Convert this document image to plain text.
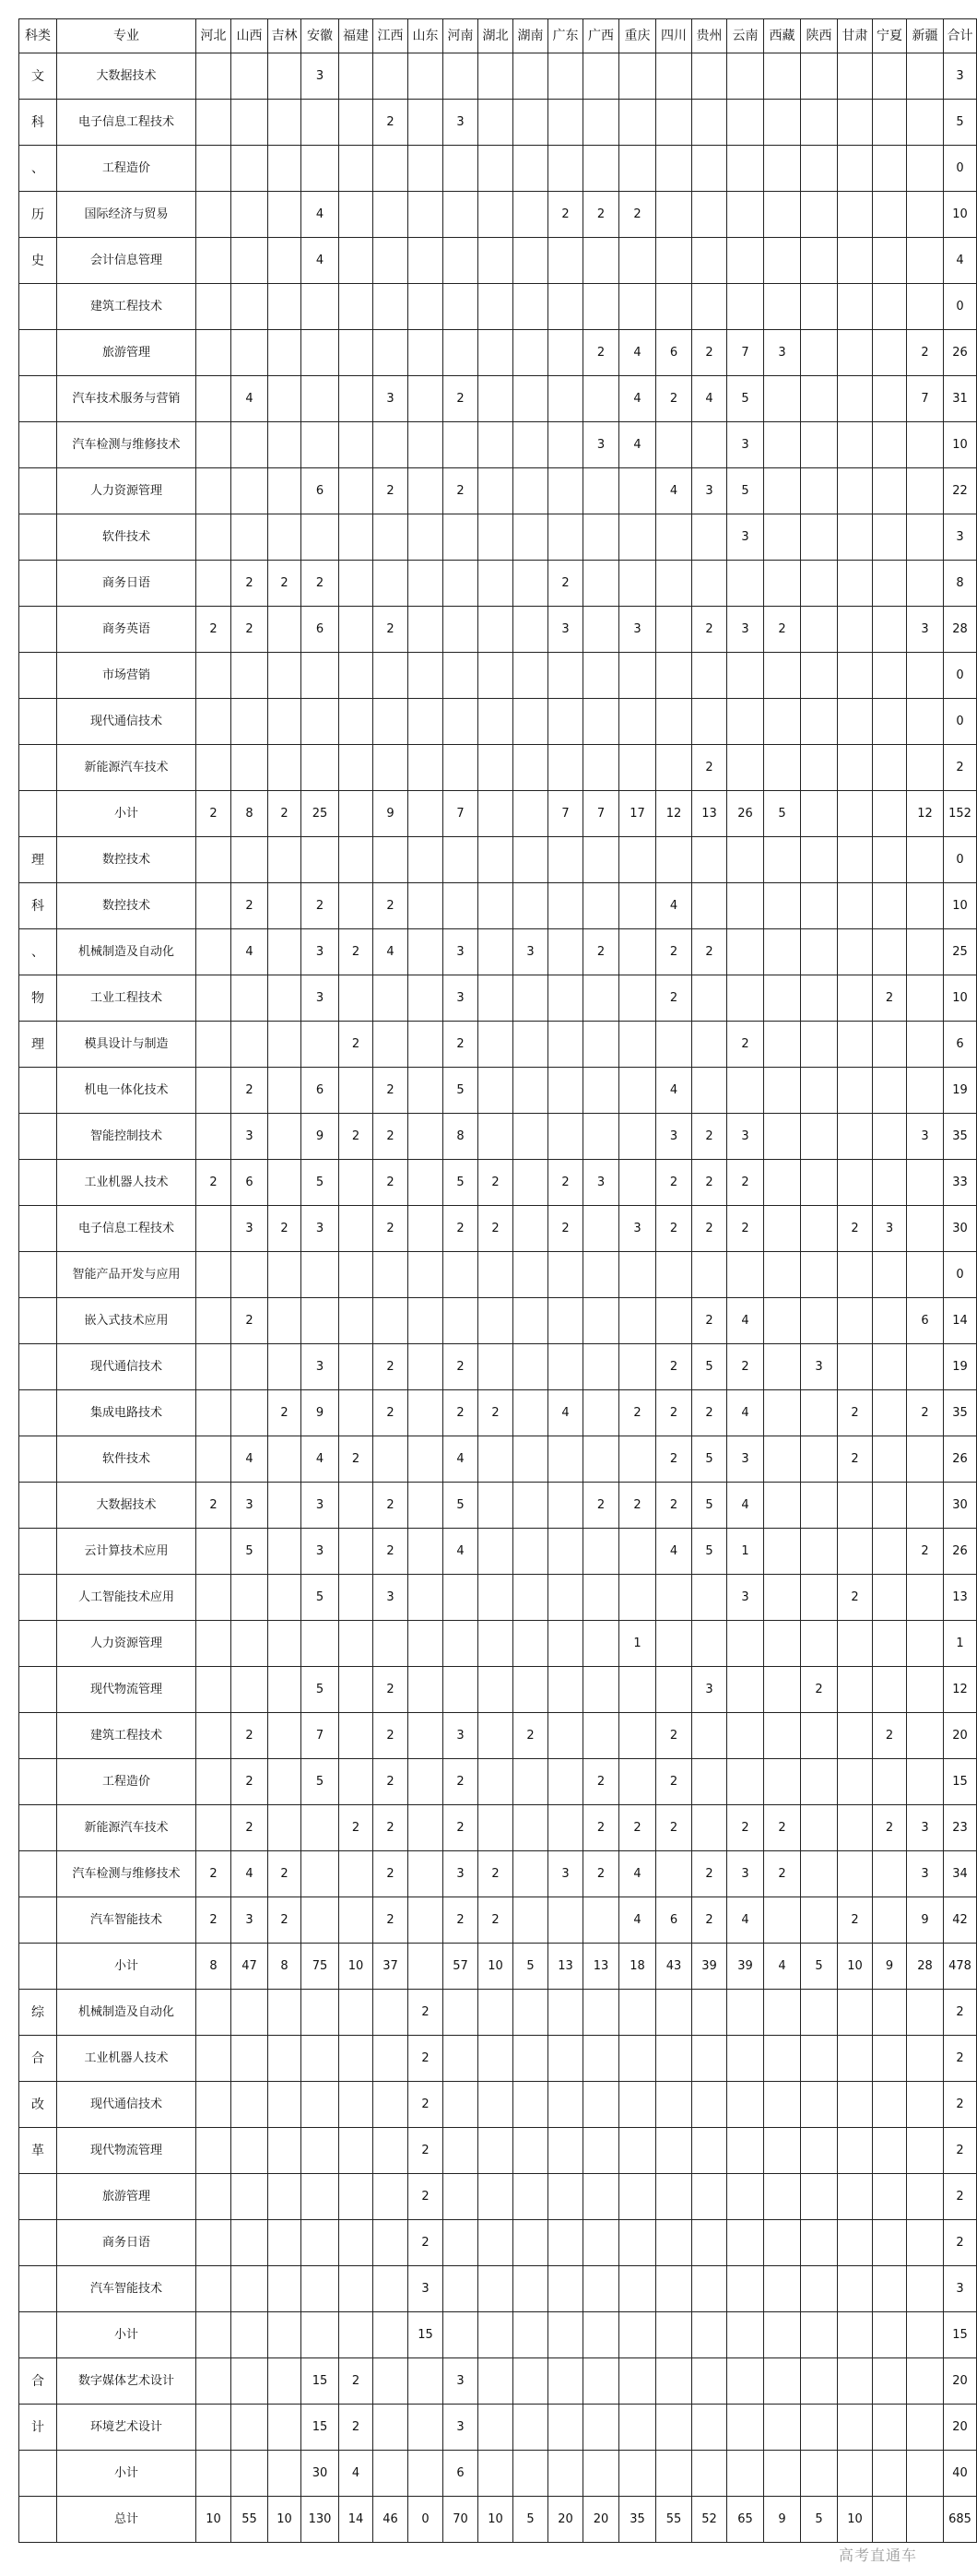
科类	专业	河北	山西	吉林	安徽	福建	江西	山东	河南	湖北	湖南	广东	广西	重庆	四川	贵州	云南	西藏	陕西	甘肃	宁夏	新疆	合计
文	大数据技术				3																		3
科	电子信息工程技术						2		3														5
、	工程造价																						0
历	国际经济与贸易				4							2	2	2									10
史	会计信息管理				4																		4
	建筑工程技术																						0
	旅游管理												2	4	6	2	7	3				2	26
	汽车技术服务与营销		4				3		2					4	2	4	5					7	31
	汽车检测与维修技术												3	4			3						10
	人力资源管理				6		2		2						4	3	5						22
	软件技术																3						3
	商务日语		2	2	2							2											8
	商务英语	2	2		6		2					3		3		2	3	2				3	28
	市场营销																						0
	现代通信技术																						0
	新能源汽车技术															2							2
	小计	2	8	2	25		9		7			7	7	17	12	13	26	5				12	152
理	数控技术																						0
科	数控技术		2		2		2								4								10
、	机械制造及自动化		4		3	2	4		3		3		2		2	2							25
物	工业工程技术				3				3						2						2		10
理	模具设计与制造					2			2								2						6
	机电一体化技术		2		6		2		5						4								19
	智能控制技术		3		9	2	2		8						3	2	3					3	35
	工业机器人技术	2	6		5		2		5	2		2	3		2	2	2						33
	电子信息工程技术		3	2	3		2		2	2		2		3	2	2	2			2	3		30
	智能产品开发与应用																						0
	嵌入式技术应用		2													2	4					6	14
	现代通信技术				3		2		2						2	5	2		3				19
	集成电路技术			2	9		2		2	2		4		2	2	2	4			2		2	35
	软件技术		4		4	2			4						2	5	3			2			26
	大数据技术	2	3		3		2		5				2	2	2	5	4						30
	云计算技术应用		5		3		2		4						4	5	1					2	26
	人工智能技术应用				5		3										3			2			13
	人力资源管理													1									1
	现代物流管理				5		2									3			2				12
	建筑工程技术		2		7		2		3		2				2						2		20
	工程造价		2		5		2		2				2		2								15
	新能源汽车技术		2			2	2		2				2	2	2		2	2			2	3	23
	汽车检测与维修技术	2	4	2			2		3	2		3	2	4		2	3	2				3	34
	汽车智能技术	2	3	2			2		2	2				4	6	2	4			2		9	42
	小计	8	47	8	75	10	37		57	10	5	13	13	18	43	39	39	4	5	10	9	28	478
综	机械制造及自动化							2															2
合	工业机器人技术							2															2
改	现代通信技术							2															2
革	现代物流管理							2															2
	旅游管理							2															2
	商务日语							2															2
	汽车智能技术							3															3
	小计							15															15
合	数字媒体艺术设计				15	2			3														20
计	环境艺术设计				15	2			3														20
	小计				30	4			6														40
	总计	10	55	10	130	14	46	0	70	10	5	20	20	35	55	52	65	9	5	10			685
高考直通车
